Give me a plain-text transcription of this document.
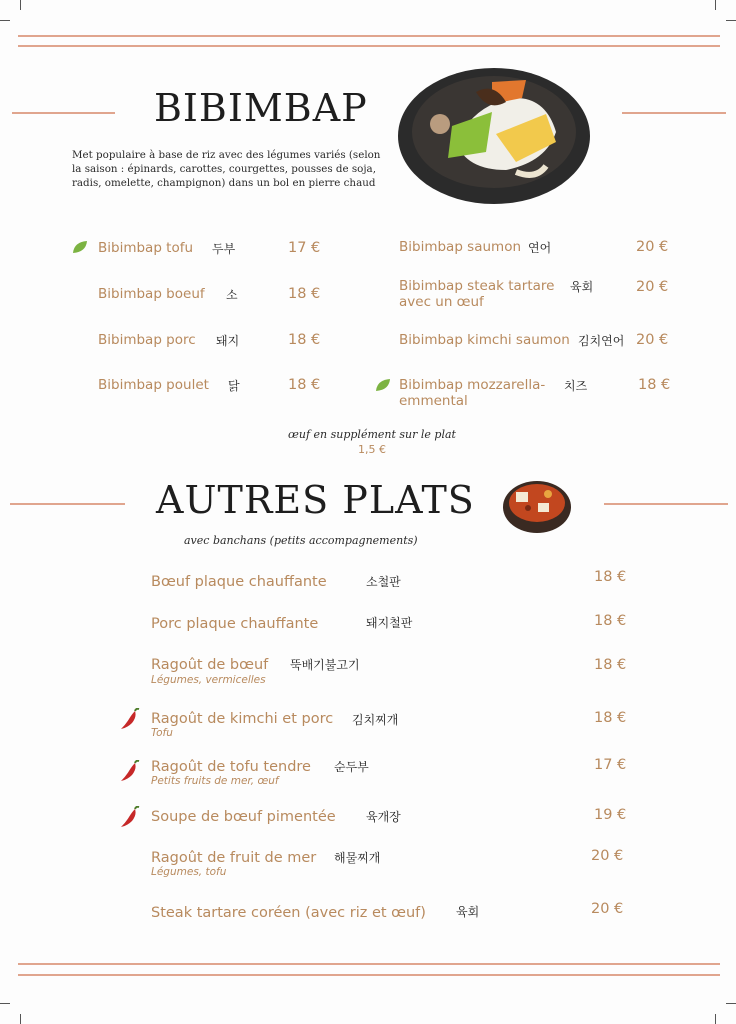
BIBIMBAP
Met populaire à base de riz avec des légumes variés (selon la saison : épinards, carottes, courgettes, pousses de soja, radis, omelette, champignon) dans un bol en pierre chaud
Bibimbap tofu 두부	17 €
Bibimbap boeuf 소	18 €
Bibimbap porc 돼지	18 €
Bibimbap poulet 닭	18 €
Bibimbap saumon 연어	20 €
Bibimbap steak tartare
avec un œuf
육회	20 €
Bibimbap kimchi saumon 김치연어 20 €
Bibimbap mozzarella-
emmental
치즈	18 €
œuf en supplément sur le plat
1,5 €
AUTRES PLATS
avec banchans (petits accompagnements)
Bœuf plaque chauffante	소철판	18 €
Porc plaque chauffante	돼지철판	18 €
Ragoût de bœuf 뚝배기불고기
Légumes, vermicelles
18 €
Ragoût de kimchi et porc 김치찌개
Tofu
18 €
Ragoût de tofu tendre 순두부
Petits fruits de mer, œuf
17 €
Soupe de bœuf pimentée	육개장	19 €
Ragoût de fruit de mer 해물찌개
Légumes, tofu
20 €
Steak tartare coréen (avec riz et œuf)	육회	20 €
